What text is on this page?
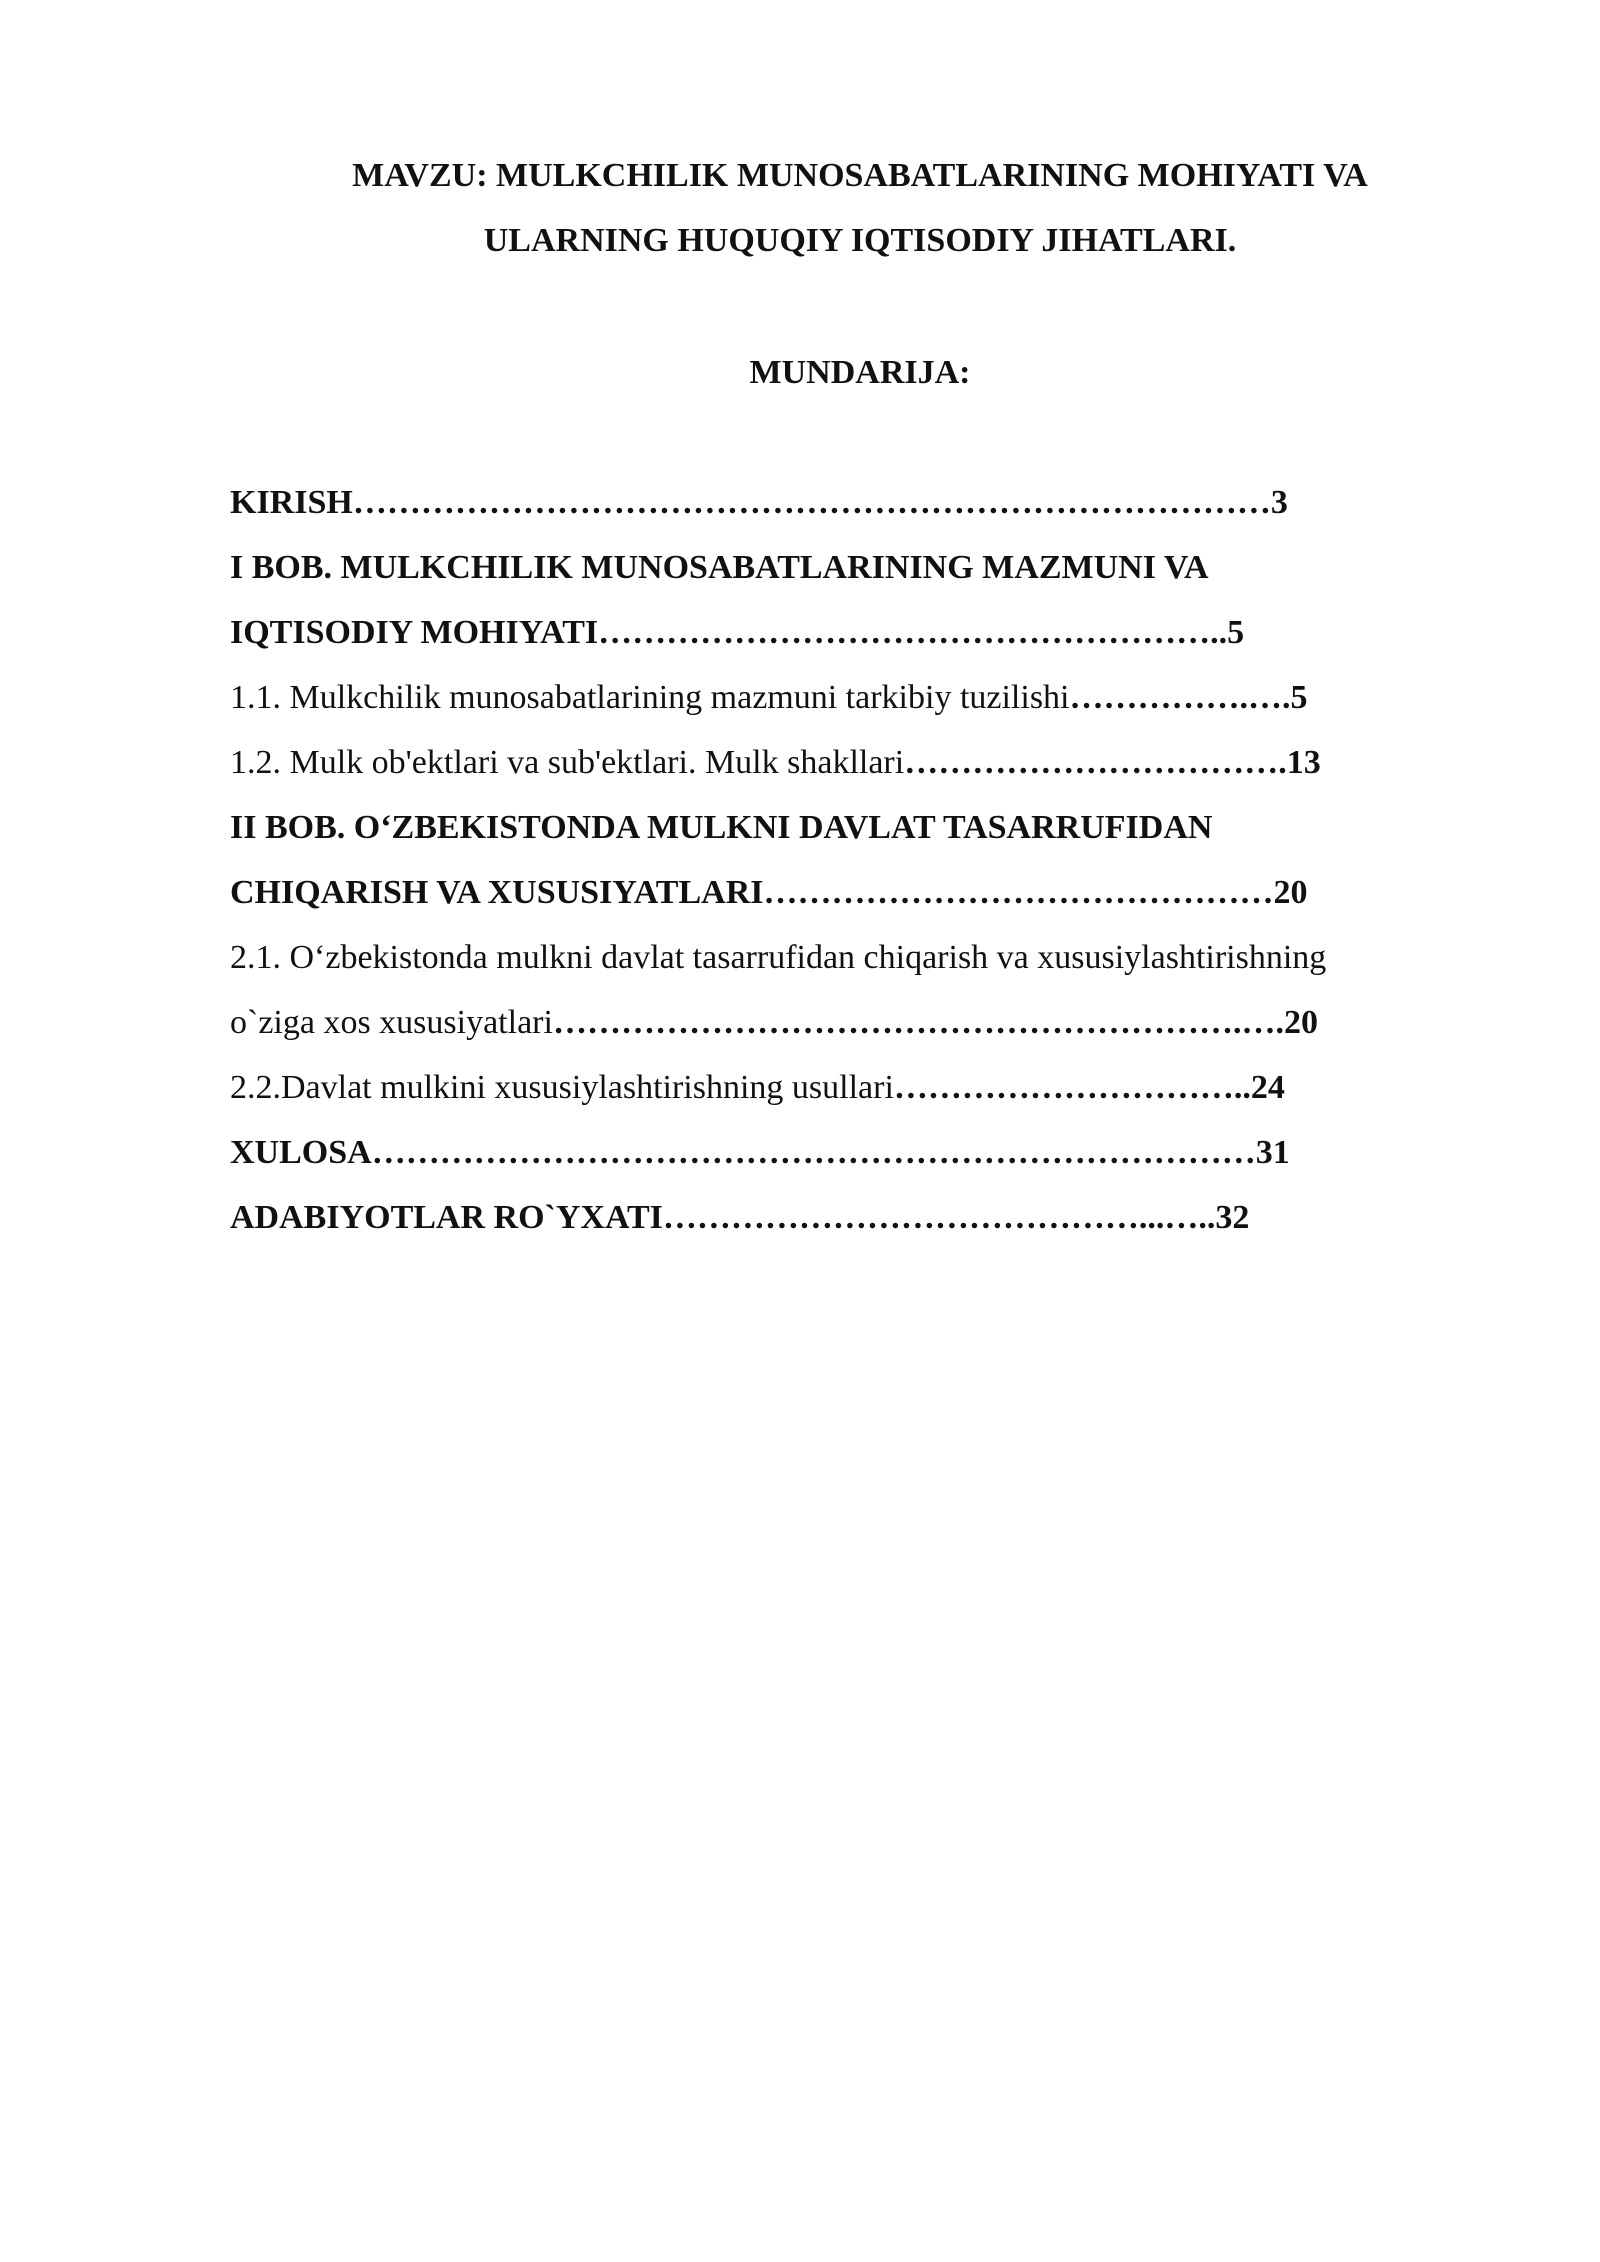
MAVZU: MULKCHILIK MUNOSABATLARINING MOHIYATI VA
ULARNING HUQUQIY IQTISODIY JIHATLARI.
MUNDARIJA:
KIRISH………………………………………………………………………3
I BOB. MULKCHILIK MUNOSABATLARINING MAZMUNI VA
IQTISODIY MOHIYATI………………………………………………..5
1.1. Mulkchilik munosabatlarining mazmuni tarkibiy tuzilishi…………….….5
1.2. Mulk ob'ektlari va sub'ektlari. Mulk shakllari…………………………….13
II BOB. O‘ZBEKISTONDA MULKNI DAVLAT TASARRUFIDAN
CHIQARISH VA XUSUSIYATLARI………………………………………20
2.1. O‘zbekistonda mulkni davlat tasarrufidan chiqarish va xususiylashtirishning
o`ziga xos xususiyatlari…………………………………………………….….20
2.2.Davlat mulkini xususiylashtirishning usullari…………………………..24
XULOSA……………………………………………………………………31
ADABIYOTLAR RO`YXATI……………………………………...…..32
